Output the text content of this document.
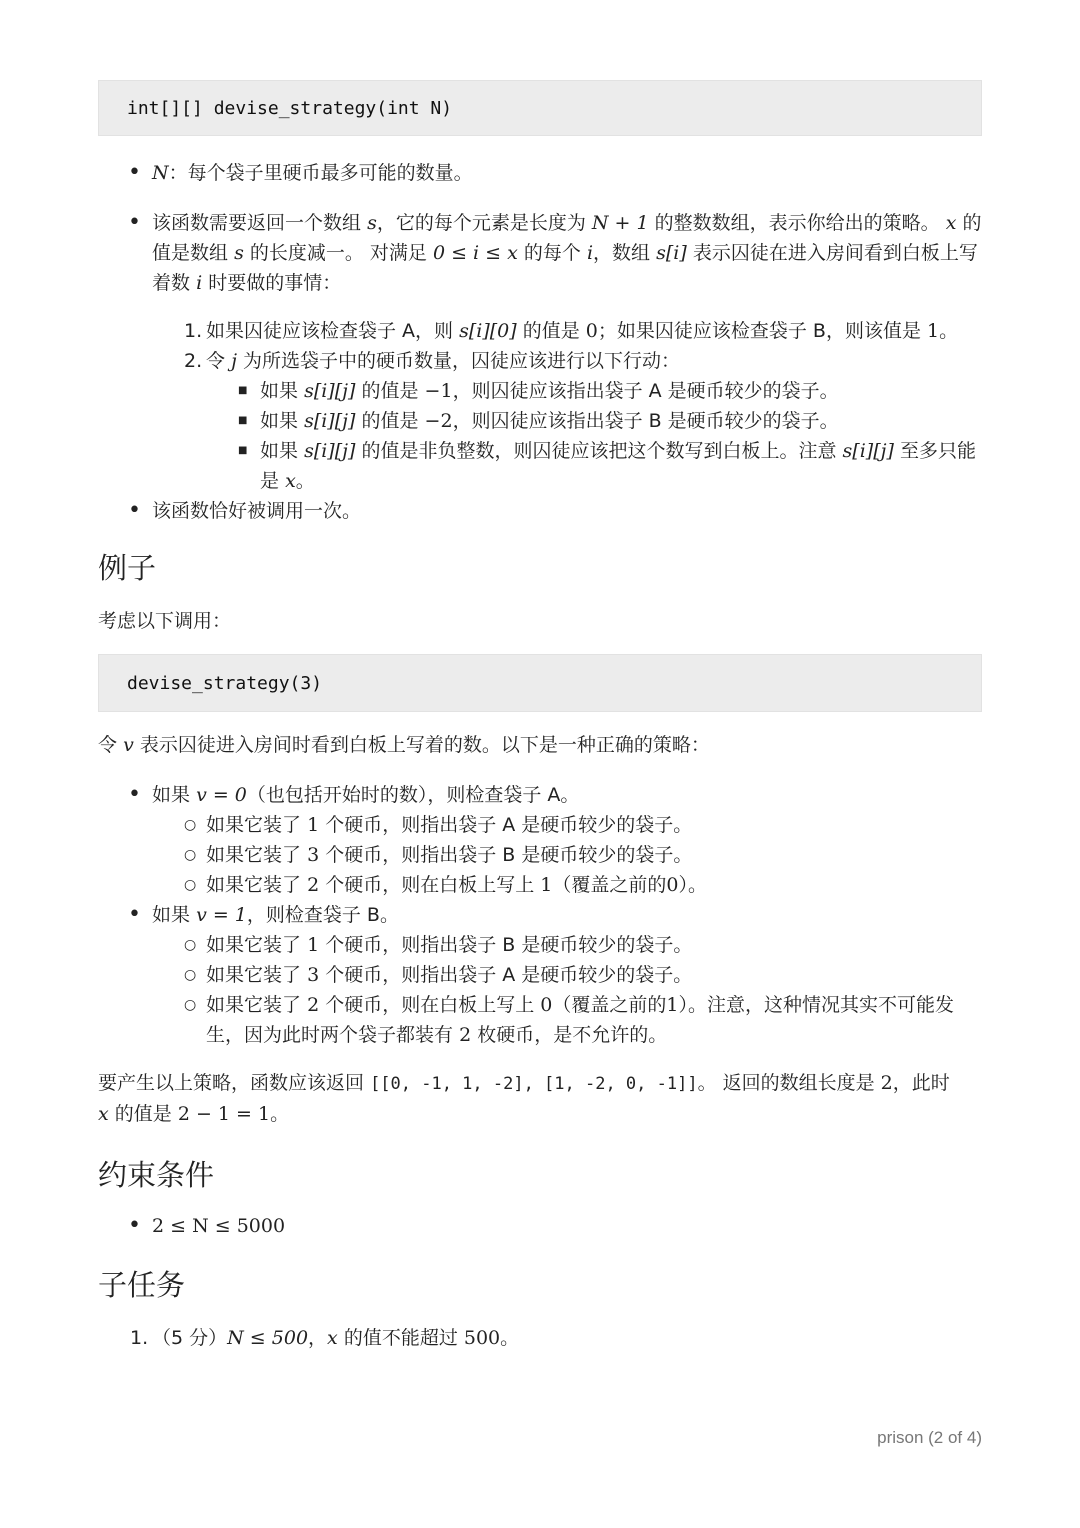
int[][] devise_strategy(int N)
• N：每个袋子里硬币最多可能的数量。
• 该函数需要返回一个数组 s，它的每个元素是长度为 N + 1 的整数数组，表示你给出的策略。 x 的
值是数组 s 的长度减一。 对满足 0 ≤ i ≤ x 的每个 i，数组 s[i] 表示囚徒在进入房间看到白板上写
着数 i 时要做的事情：
1. 如果囚徒应该检查袋子 A，则 s[i][0] 的值是 0；如果囚徒应该检查袋子 B，则该值是 1。
2. 令 j 为所选袋子中的硬币数量，囚徒应该进行以下行动：
■ 如果 s[i][j] 的值是 −1，则囚徒应该指出袋子 A 是硬币较少的袋子。
■ 如果 s[i][j] 的值是 −2，则囚徒应该指出袋子 B 是硬币较少的袋子。
■ 如果 s[i][j] 的值是非负整数，则囚徒应该把这个数写到白板上。注意 s[i][j] 至多只能
是 x。
• 该函数恰好被调用一次。
例子

考虑以下调用：

devise_strategy(3)

令 v 表示囚徒进入房间时看到白板上写着的数。以下是一种正确的策略：

• 如果 v = 0（也包括开始时的数），则检查袋子 A。
○ 如果它装了 1 个硬币，则指出袋子 A 是硬币较少的袋子。
○ 如果它装了 3 个硬币，则指出袋子 B 是硬币较少的袋子。
○ 如果它装了 2 个硬币，则在白板上写上 1（覆盖之前的0）。
• 如果 v = 1，则检查袋子 B。
○ 如果它装了 1 个硬币，则指出袋子 B 是硬币较少的袋子。
○ 如果它装了 3 个硬币，则指出袋子 A 是硬币较少的袋子。
○ 如果它装了 2 个硬币，则在白板上写上 0（覆盖之前的1）。注意，这种情况其实不可能发
生，因为此时两个袋子都装有 2 枚硬币，是不允许的。

要产生以上策略，函数应该返回 [[0, -1, 1, -2], [1, -2, 0, -1]]。 返回的数组长度是 2，此时
x 的值是 2 − 1 = 1。

约束条件
• 2 ≤ N ≤ 5000
子任务
1. （5 分）N ≤ 500，x 的值不能超过 500。
prison (2 of 4)
